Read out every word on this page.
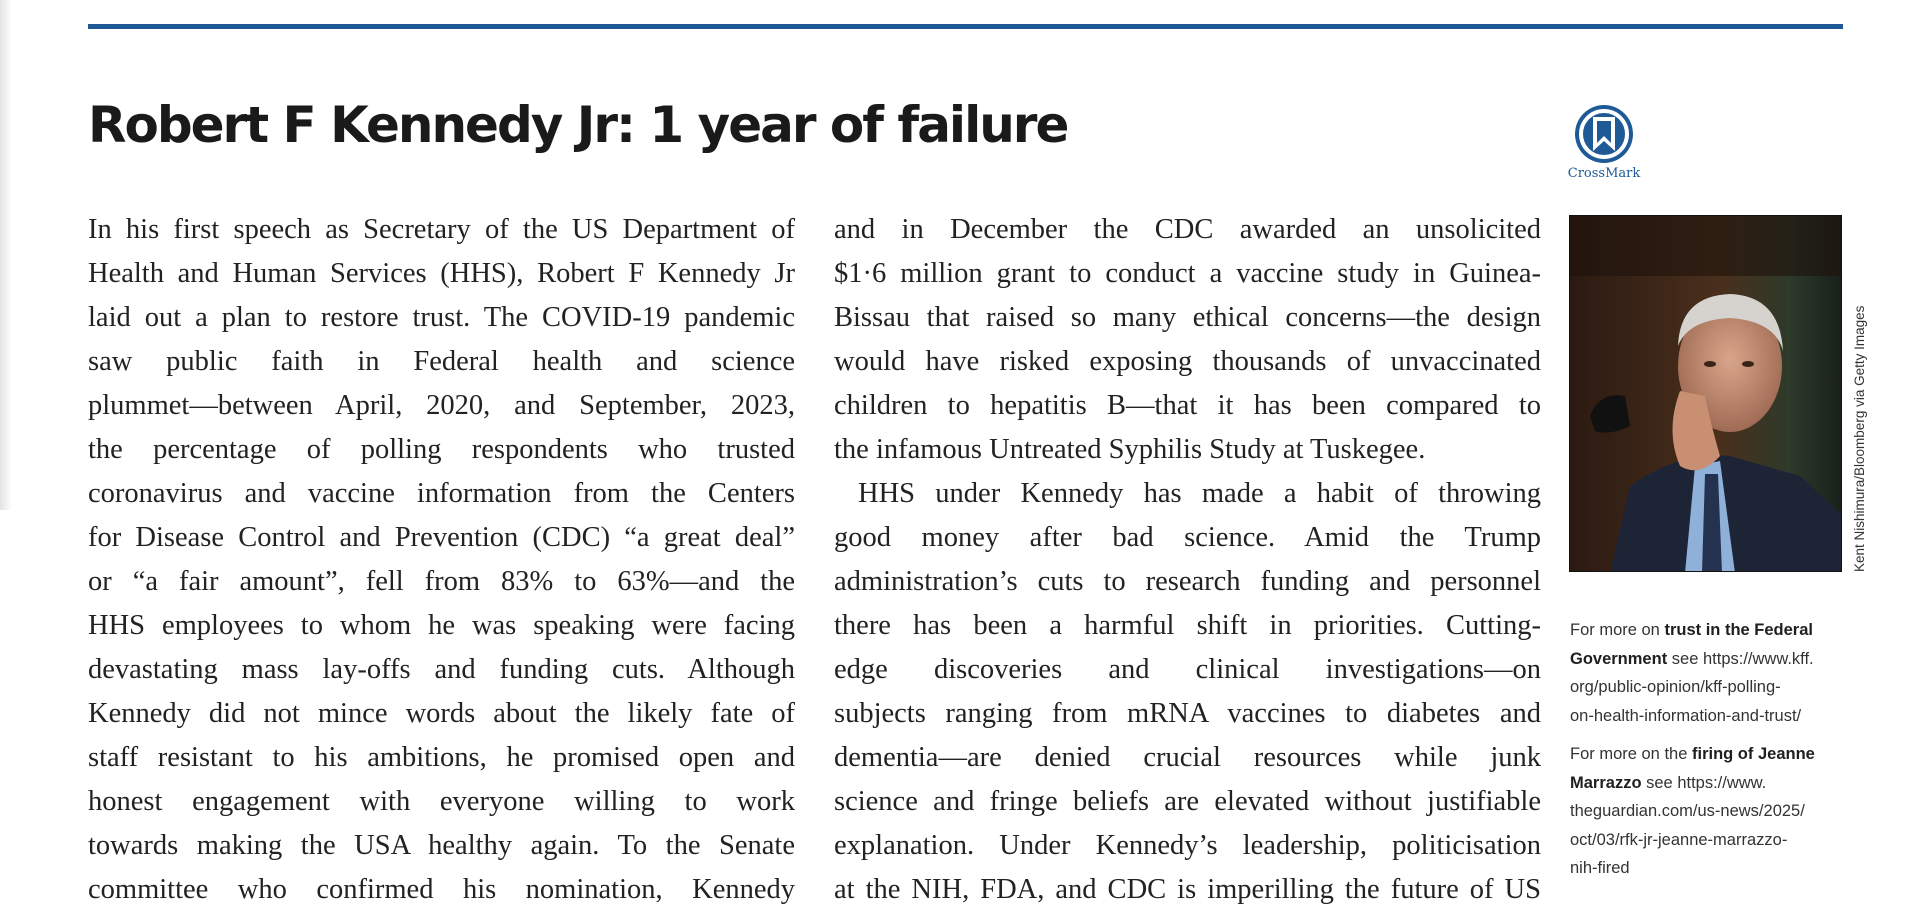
Robert F Kennedy Jr: 1 year of failure
CrossMark

In his first speech as Secretary of the US Department of
Health and Human Services (HHS), Robert F Kennedy Jr
laid out a plan to restore trust. The COVID-19 pandemic
saw public faith in Federal health and science
plummet—between April, 2020, and September, 2023,
the percentage of polling respondents who trusted
coronavirus and vaccine information from the Centers
for Disease Control and Prevention (CDC) “a great deal”
or “a fair amount”, fell from 83% to 63%—and the
HHS employees to whom he was speaking were facing
devastating mass lay-offs and funding cuts. Although
Kennedy did not mince words about the likely fate of
staff resistant to his ambitions, he promised open and
honest engagement with everyone willing to work
towards making the USA healthy again. To the Senate
committee who confirmed his nomination, Kennedy

and in December the CDC awarded an unsolicited
$1·6 million grant to conduct a vaccine study in Guinea-
Bissau that raised so many ethical concerns—the design
would have risked exposing thousands of unvaccinated
children to hepatitis B—that it has been compared to
the infamous Untreated Syphilis Study at Tuskegee.

HHS under Kennedy has made a habit of throwing
good money after bad science. Amid the Trump
administration’s cuts to research funding and personnel
there has been a harmful shift in priorities. Cutting-
edge discoveries and clinical investigations—on
subjects ranging from mRNA vaccines to diabetes and
dementia—are denied crucial resources while junk
science and fringe beliefs are elevated without justifiable
explanation. Under Kennedy’s leadership, politicisation
at the NIH, FDA, and CDC is imperilling the future of US

Kent Nishimura/Bloomberg via Getty Images

For more on trust in the Federal Government see https://www.kff.
org/public-opinion/kff-polling-
on-health-information-and-trust/

For more on the firing of Jeanne Marrazzo see https://www.
theguardian.com/us-news/2025/
oct/03/rfk-jr-jeanne-marrazzo-
nih-fired
